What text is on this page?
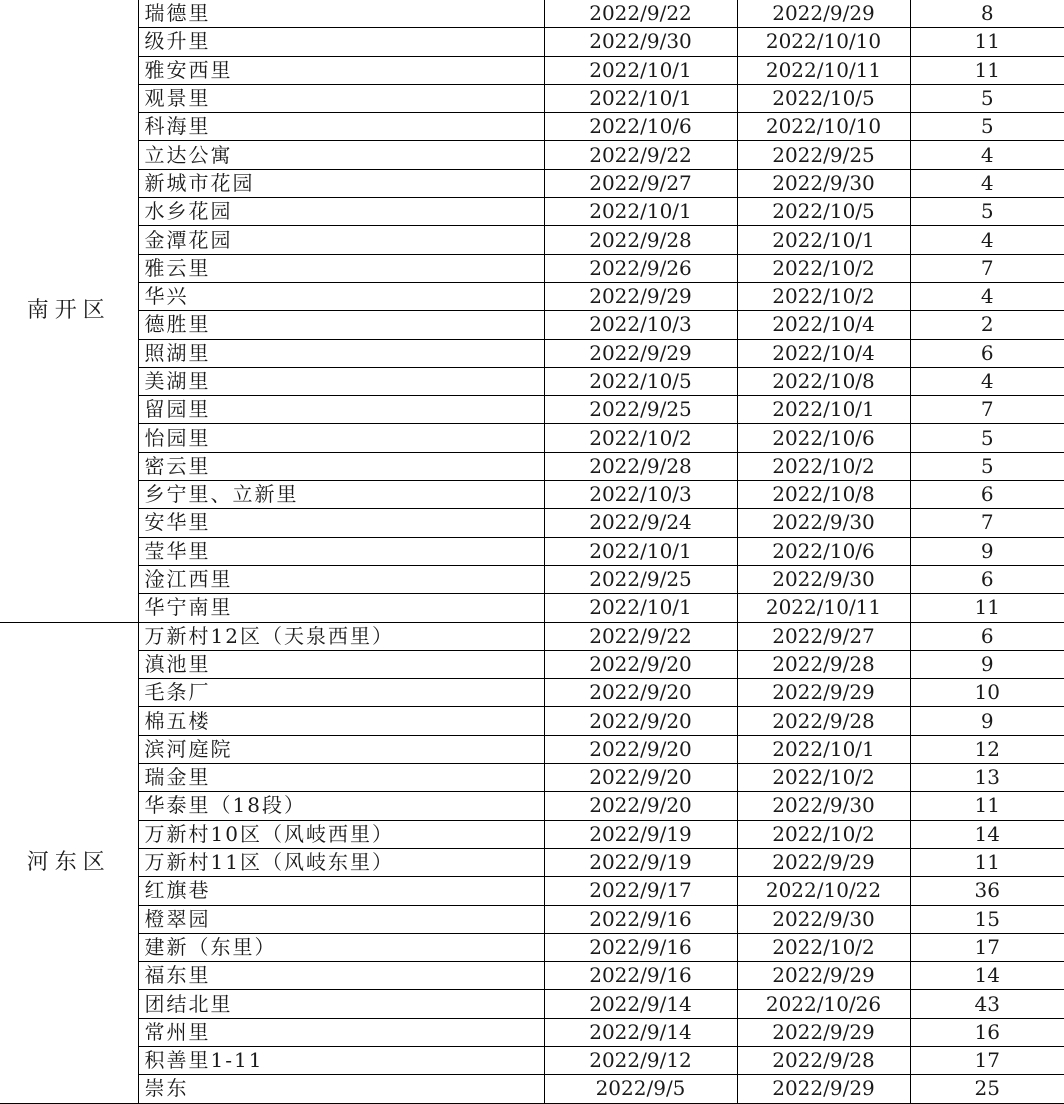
南开区	瑞德里	2022/9/22	2022/9/29	8
	级升里	2022/9/30	2022/10/10	11
	雅安西里	2022/10/1	2022/10/11	11
	观景里	2022/10/1	2022/10/5	5
	科海里	2022/10/6	2022/10/10	5
	立达公寓	2022/9/22	2022/9/25	4
	新城市花园	2022/9/27	2022/9/30	4
	水乡花园	2022/10/1	2022/10/5	5
	金潭花园	2022/9/28	2022/10/1	4
	雅云里	2022/9/26	2022/10/2	7
	华兴	2022/9/29	2022/10/2	4
	德胜里	2022/10/3	2022/10/4	2
	照湖里	2022/9/29	2022/10/4	6
	美湖里	2022/10/5	2022/10/8	4
	留园里	2022/9/25	2022/10/1	7
	怡园里	2022/10/2	2022/10/6	5
	密云里	2022/9/28	2022/10/2	5
	乡宁里、立新里	2022/10/3	2022/10/8	6
	安华里	2022/9/24	2022/9/30	7
	莹华里	2022/10/1	2022/10/6	9
	淦江西里	2022/9/25	2022/9/30	6
	华宁南里	2022/10/1	2022/10/11	11
河东区	万新村12区（天泉西里）	2022/9/22	2022/9/27	6
	滇池里	2022/9/20	2022/9/28	9
	毛条厂	2022/9/20	2022/9/29	10
	棉五楼	2022/9/20	2022/9/28	9
	滨河庭院	2022/9/20	2022/10/1	12
	瑞金里	2022/9/20	2022/10/2	13
	华泰里（18段）	2022/9/20	2022/9/30	11
	万新村10区（风岐西里）	2022/9/19	2022/10/2	14
	万新村11区（风岐东里）	2022/9/19	2022/9/29	11
	红旗巷	2022/9/17	2022/10/22	36
	橙翠园	2022/9/16	2022/9/30	15
	建新（东里）	2022/9/16	2022/10/2	17
	福东里	2022/9/16	2022/9/29	14
	团结北里	2022/9/14	2022/10/26	43
	常州里	2022/9/14	2022/9/29	16
	积善里1-11	2022/9/12	2022/9/28	17
	崇东	2022/9/5	2022/9/29	25
